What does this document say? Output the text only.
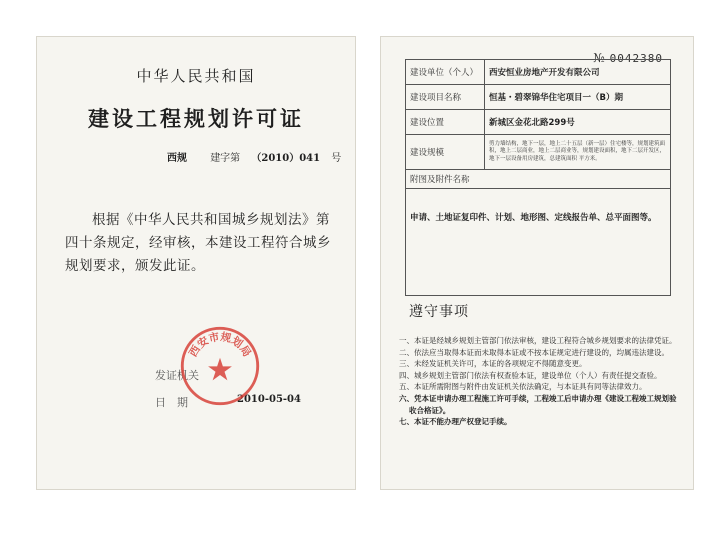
中华人民共和国
建设工程规划许可证
西规 建字第 （2010）041 号
根据《中华人民共和国城乡规划法》第四十条规定，经审核，本建设工程符合城乡规划要求，颁发此证。
发证机关
日　期	2010-05-04
西安市规划局
№ 0042380
建设单位（个人）	西安恒业房地产开发有限公司
建设项目名称	恒基・碧翠锦华住宅项目一（B）期
建设位置	新城区金花北路299号
建设规模	剪力墙结构，地下一层，地上二十五层（新一层）住宅楼等，规划建筑面积，地上二层商业，地上二层商业等，规划建设面积，地下二层开发区，地下一层设备用房建筑，总建筑面积 平方米。

附图及附件名称	
申请、土地证复印件、计划、地形图、定线报告单、总平面图等。	
遵守事项
一、本证是经城乡规划主管部门依法审核，建设工程符合城乡规划要求的法律凭证。
二、依法应当取得本证而未取得本证或不按本证规定进行建设的，均属违法建设。
三、未经发证机关许可，本证的各项规定不得随意变更。
四、城乡规划主管部门依法有权查验本证，建设单位（个人）有责任提交查验。
五、本证所需附图与附件由发证机关依法确定，与本证具有同等法律效力。
六、凭本证申请办理工程施工许可手续，工程竣工后申请办理《建设工程竣工规划验收合格证》。
七、本证不能办理产权登记手续。
